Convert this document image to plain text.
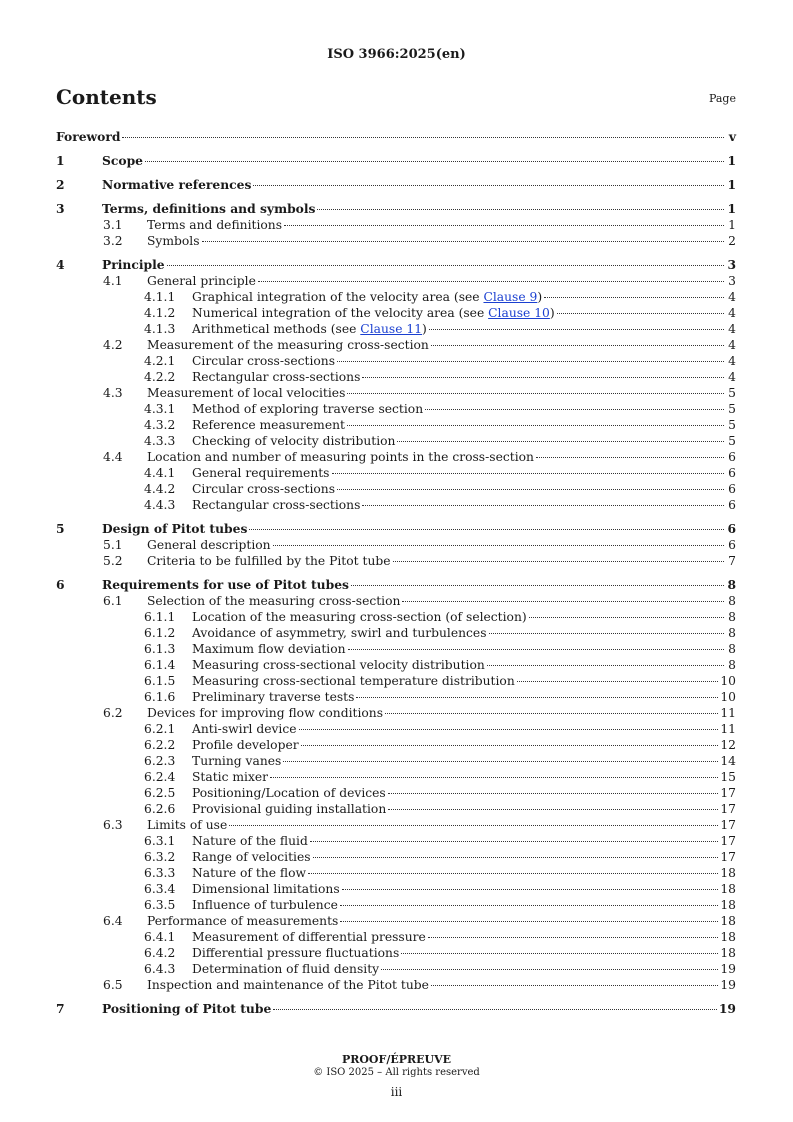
ISO 3966:2025(en)
Contents	Page
Foreword	v
1	Scope	1
2	Normative references	1
3	Terms, definitions and symbols	1
3.1 Terms and definitions	1
3.2 Symbols	2
4	Principle	3
4.1 General principle	3
4.1.1 Graphical integration of the velocity area (see Clause 9)	4
4.1.2 Numerical integration of the velocity area (see Clause 10)	4
4.1.3 Arithmetical methods (see Clause 11)	4
4.2 Measurement of the measuring cross-section	4
4.2.1 Circular cross-sections	4
4.2.2 Rectangular cross-sections	4
4.3 Measurement of local velocities	5
4.3.1 Method of exploring traverse section	5
4.3.2 Reference measurement	5
4.3.3 Checking of velocity distribution	5
4.4 Location and number of measuring points in the cross-section	6
4.4.1 General requirements	6
4.4.2 Circular cross-sections	6
4.4.3 Rectangular cross-sections	6
5	Design of Pitot tubes	6
5.1 General description	6
5.2 Criteria to be fulfilled by the Pitot tube	7
6	Requirements for use of Pitot tubes	8
6.1 Selection of the measuring cross-section	8
6.1.1 Location of the measuring cross-section (of selection)	8
6.1.2 Avoidance of asymmetry, swirl and turbulences	8
6.1.3 Maximum flow deviation	8
6.1.4 Measuring cross-sectional velocity distribution	8
6.1.5 Measuring cross-sectional temperature distribution	10
6.1.6 Preliminary traverse tests	10
6.2 Devices for improving flow conditions	11
6.2.1 Anti-swirl device	11
6.2.2 Profile developer	12
6.2.3 Turning vanes	14
6.2.4 Static mixer	15
6.2.5 Positioning/Location of devices	17
6.2.6 Provisional guiding installation	17
6.3 Limits of use	17
6.3.1 Nature of the fluid	17
6.3.2 Range of velocities	17
6.3.3 Nature of the flow	18
6.3.4 Dimensional limitations	18
6.3.5 Influence of turbulence	18
6.4 Performance of measurements	18
6.4.1 Measurement of differential pressure	18
6.4.2 Differential pressure fluctuations	18
6.4.3 Determination of fluid density	19
6.5 Inspection and maintenance of the Pitot tube	19
7	Positioning of Pitot tube	19
PROOF/ÉPREUVE
© ISO 2025 – All rights reserved
iii
